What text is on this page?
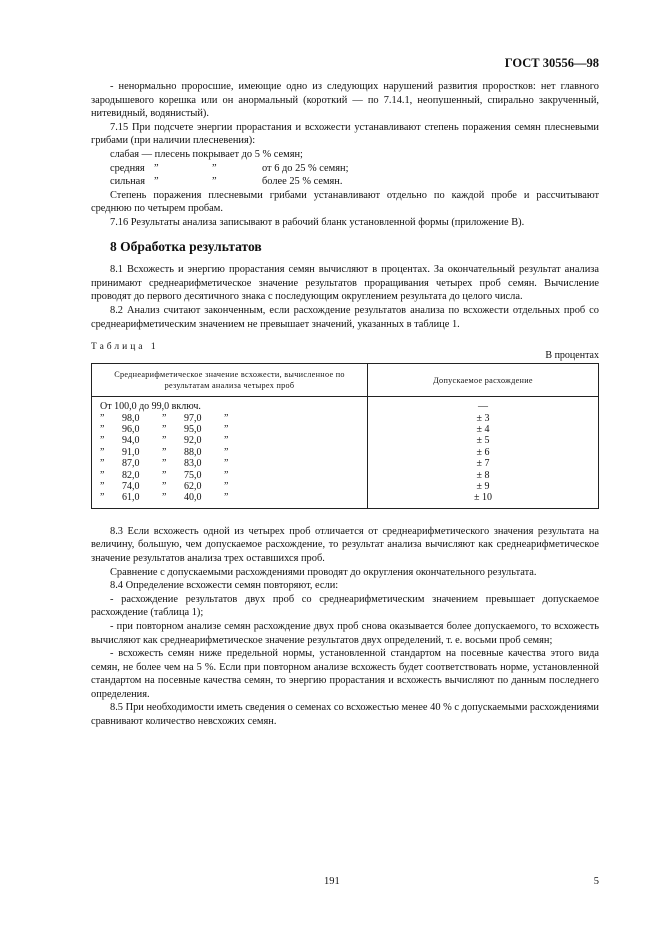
ГОСТ 30556—98

- ненормально проросшие, имеющие одно из следующих нарушений развития проростков: нет главного зародышевого корешка или он анормальный (короткий — по 7.14.1, неопушенный, спирально закрученный, нитевидный, водянистый).

7.15 При подсчете энергии прорастания и всхожести устанавливают степень поражения семян плесневыми грибами (при наличии плесневения):

слабая — плесень покрывает до 5 % семян;

средняя ”	”	от 6 до 25 % семян;
сильная ”	”	более 25 % семян.

Степень поражения плесневыми грибами устанавливают отдельно по каждой пробе и рассчитывают среднюю по четырем пробам.

7.16 Результаты анализа записывают в рабочий бланк установленной формы (приложение В).

8 Обработка результатов

8.1 Всхожесть и энергию прорастания семян вычисляют в процентах. За окончательный результат анализа принимают среднеарифметическое значение результатов проращивания четырех проб семян. Вычисление проводят до первого десятичного знака с последующим округлением результата до целого числа.

8.2 Анализ считают законченным, если расхождение результатов анализа по всхожести отдельных проб со среднеарифметическим значением не превышает значений, указанных в таблице 1.

Таблица 1
В процентах
Среднеарифметическое значение всхожести, вычисленное по результатам анализа четырех проб	Допускаемое расхождение
От 100,0 до 99,0 включ.	—

” 98,0 ” 97,0 ”	± 3

” 96,0 ” 95,0 ”	± 4

” 94,0 ” 92,0 ”	± 5

” 91,0 ” 88,0 ”	± 6

” 87,0 ” 83,0 ”	± 7

” 82,0 ” 75,0 ”	± 8

” 74,0 ” 62,0 ”	± 9

” 61,0 ” 40,0 ”	± 10

8.3 Если всхожесть одной из четырех проб отличается от среднеарифметического значения результата на величину, большую, чем допускаемое расхождение, то результат анализа вычисляют как среднеарифметическое значение результатов анализа трех оставшихся проб.

Сравнение с допускаемыми расхождениями проводят до округления окончательного результата.

8.4 Определение всхожести семян повторяют, если:

- расхождение результатов двух проб со среднеарифметическим значением превышает допускаемое расхождение (таблица 1);

- при повторном анализе семян расхождение двух проб снова оказывается более допускаемого, то всхожесть вычисляют как среднеарифметическое значение результатов двух определений, т. е. восьми проб семян;

- всхожесть семян ниже предельной нормы, установленной стандартом на посевные качества этого вида семян, не более чем на 5 %. Если при повторном анализе всхожесть будет соответствовать норме, установленной стандартом на посевные качества семян, то энергию прорастания и всхожесть вычисляют по данным последнего определения.

8.5 При необходимости иметь сведения о семенах со всхожестью менее 40 % с допускаемыми расхождениями сравнивают количество невсхожих семян.

191	5
